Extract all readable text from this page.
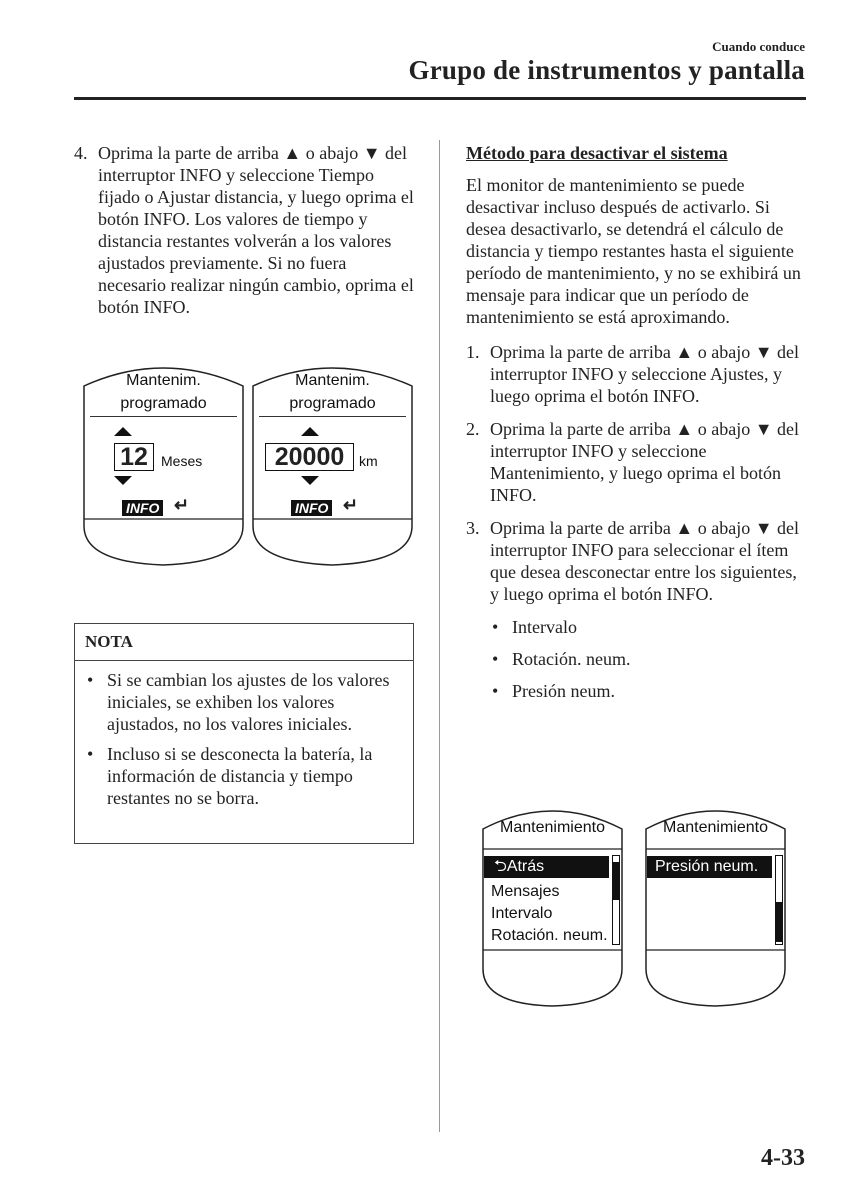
Cuando conduce
Grupo de instrumentos y pantalla
4. Oprima la parte de arriba ▲ o abajo ▼ del interruptor INFO y seleccione Tiempo fijado o Ajustar distancia, y luego oprima el botón INFO. Los valores de tiempo y distancia restantes volverán a los valores ajustados previamente. Si no fuera necesario realizar ningún cambio, oprima el botón INFO.
Mantenim.
programado
12 Meses
INFO ↵
Mantenim.
programado
20000	km
INFO ↵
NOTA
• Si se cambian los ajustes de los valores iniciales, se exhiben los valores ajustados, no los valores iniciales.
• Incluso si se desconecta la batería, la información de distancia y tiempo restantes no se borra.

Método para desactivar el sistema

El monitor de mantenimiento se puede desactivar incluso después de activarlo. Si desea desactivarlo, se detendrá el cálculo de distancia y tiempo restantes hasta el siguiente período de mantenimiento, y no se exhibirá un mensaje para indicar que un período de mantenimiento se está aproximando.

1. Oprima la parte de arriba ▲ o abajo ▼ del interruptor INFO y seleccione Ajustes, y luego oprima el botón INFO.
2. Oprima la parte de arriba ▲ o abajo ▼ del interruptor INFO y seleccione Mantenimiento, y luego oprima el botón INFO.
3. Oprima la parte de arriba ▲ o abajo ▼ del interruptor INFO para seleccionar el ítem que desea desconectar entre los siguientes, y luego oprima el botón INFO.
• Intervalo
• Rotación. neum.
• Presión neum.
Mantenimiento
⮌Atrás
Mensajes
Intervalo
Rotación. neum.
Mantenimiento
Presión neum.
4-33
